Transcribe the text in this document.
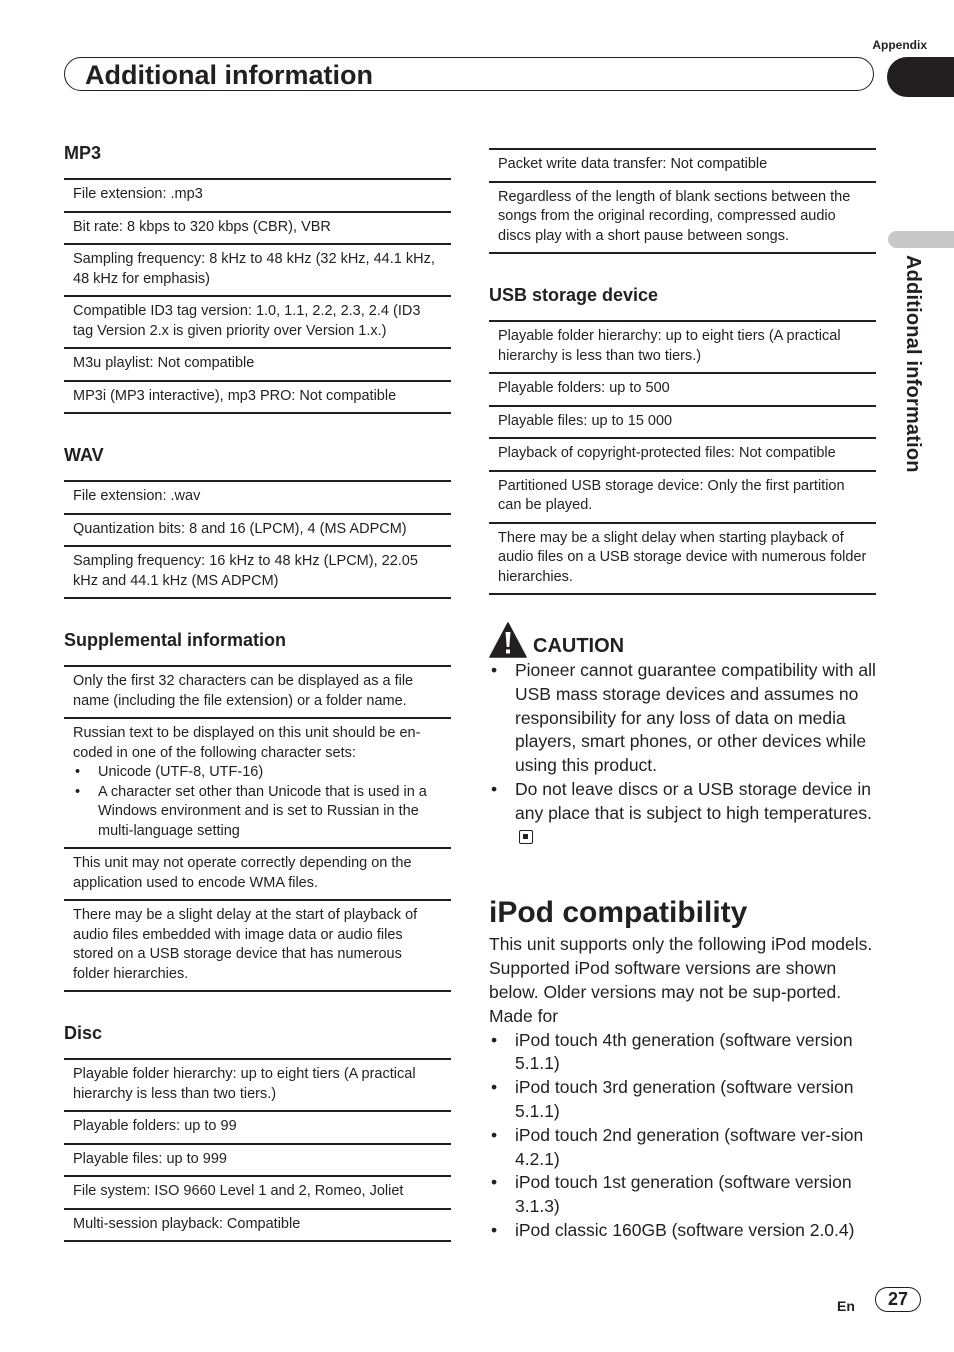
Appendix
Additional information
Additional information
MP3
File extension: .mp3
Bit rate: 8 kbps to 320 kbps (CBR), VBR
Sampling frequency: 8 kHz to 48 kHz (32 kHz, 44.1 kHz, 48 kHz for emphasis)
Compatible ID3 tag version: 1.0, 1.1, 2.2, 2.3, 2.4 (ID3 tag Version 2.x is given priority over Version 1.x.)
M3u playlist: Not compatible
MP3i (MP3 interactive), mp3 PRO: Not compatible
WAV
File extension: .wav
Quantization bits: 8 and 16 (LPCM), 4 (MS ADPCM)
Sampling frequency: 16 kHz to 48 kHz (LPCM), 22.05 kHz and 44.1 kHz (MS ADPCM)
Supplemental information
Only the first 32 characters can be displayed as a file name (including the file extension) or a folder name.
Russian text to be displayed on this unit should be en-coded in one of the following character sets:
• Unicode (UTF-8, UTF-16)
• A character set other than Unicode that is used in a Windows environment and is set to Russian in the multi-language setting
This unit may not operate correctly depending on the application used to encode WMA files.
There may be a slight delay at the start of playback of audio files embedded with image data or audio files stored on a USB storage device that has numerous folder hierarchies.
Disc
Playable folder hierarchy: up to eight tiers (A practical hierarchy is less than two tiers.)
Playable folders: up to 99
Playable files: up to 999
File system: ISO 9660 Level 1 and 2, Romeo, Joliet
Multi-session playback: Compatible
Packet write data transfer: Not compatible
Regardless of the length of blank sections between the songs from the original recording, compressed audio discs play with a short pause between songs.
USB storage device
Playable folder hierarchy: up to eight tiers (A practical hierarchy is less than two tiers.)
Playable folders: up to 500
Playable files: up to 15 000
Playback of copyright-protected files: Not compatible
Partitioned USB storage device: Only the first partition can be played.
There may be a slight delay when starting playback of audio files on a USB storage device with numerous folder hierarchies.
CAUTION
• Pioneer cannot guarantee compatibility with all USB mass storage devices and assumes no responsibility for any loss of data on media players, smart phones, or other devices while using this product.
• Do not leave discs or a USB storage device in any place that is subject to high temperatures.
iPod compatibility
This unit supports only the following iPod models. Supported iPod software versions are shown below. Older versions may not be sup-ported.
Made for
• iPod touch 4th generation (software version 5.1.1)
• iPod touch 3rd generation (software version 5.1.1)
• iPod touch 2nd generation (software ver-sion 4.2.1)
• iPod touch 1st generation (software version 3.1.3)
• iPod classic 160GB (software version 2.0.4)
En	27
